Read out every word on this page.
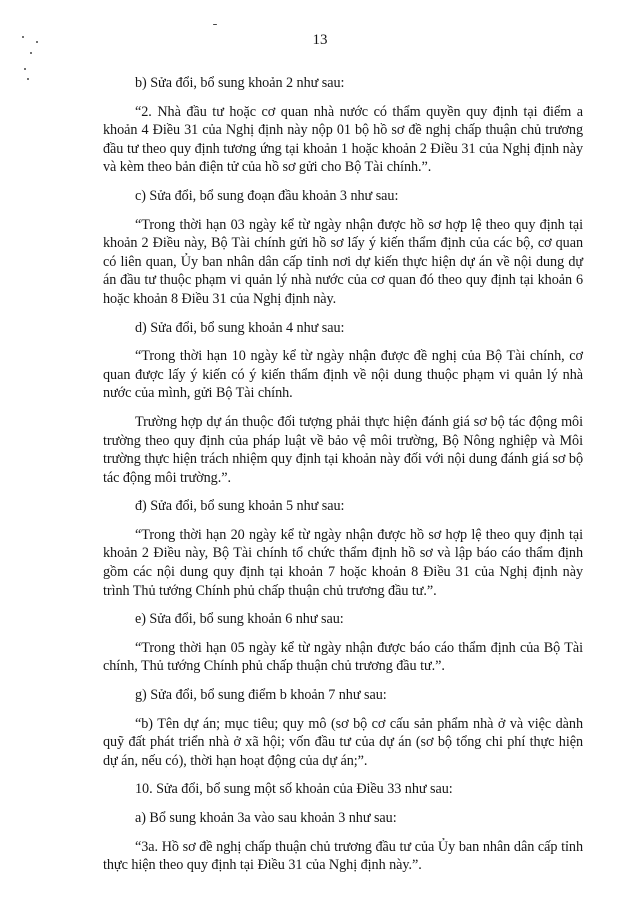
13

b) Sửa đổi, bổ sung khoản 2 như sau:

“2. Nhà đầu tư hoặc cơ quan nhà nước có thẩm quyền quy định tại điểm a khoản 4 Điều 31 của Nghị định này nộp 01 bộ hồ sơ đề nghị chấp thuận chủ trương đầu tư theo quy định tương ứng tại khoản 1 hoặc khoản 2 Điều 31 của Nghị định này và kèm theo bản điện tử của hồ sơ gửi cho Bộ Tài chính.”.

c) Sửa đổi, bổ sung đoạn đầu khoản 3 như sau:

“Trong thời hạn 03 ngày kể từ ngày nhận được hồ sơ hợp lệ theo quy định tại khoản 2 Điều này, Bộ Tài chính gửi hồ sơ lấy ý kiến thẩm định của các bộ, cơ quan có liên quan, Ủy ban nhân dân cấp tỉnh nơi dự kiến thực hiện dự án về nội dung dự án đầu tư thuộc phạm vi quản lý nhà nước của cơ quan đó theo quy định tại khoản 6 hoặc khoản 8 Điều 31 của Nghị định này.

d) Sửa đổi, bổ sung khoản 4 như sau:

“Trong thời hạn 10 ngày kể từ ngày nhận được đề nghị của Bộ Tài chính, cơ quan được lấy ý kiến có ý kiến thẩm định về nội dung thuộc phạm vi quản lý nhà nước của mình, gửi Bộ Tài chính.

Trường hợp dự án thuộc đối tượng phải thực hiện đánh giá sơ bộ tác động môi trường theo quy định của pháp luật về bảo vệ môi trường, Bộ Nông nghiệp và Môi trường thực hiện trách nhiệm quy định tại khoản này đối với nội dung đánh giá sơ bộ tác động môi trường.”.

đ) Sửa đổi, bổ sung khoản 5 như sau:

“Trong thời hạn 20 ngày kể từ ngày nhận được hồ sơ hợp lệ theo quy định tại khoản 2 Điều này, Bộ Tài chính tổ chức thẩm định hồ sơ và lập báo cáo thẩm định gồm các nội dung quy định tại khoản 7 hoặc khoản 8 Điều 31 của Nghị định này trình Thủ tướng Chính phủ chấp thuận chủ trương đầu tư.”.

e) Sửa đổi, bổ sung khoản 6 như sau:

“Trong thời hạn 05 ngày kể từ ngày nhận được báo cáo thẩm định của Bộ Tài chính, Thủ tướng Chính phủ chấp thuận chủ trương đầu tư.”.

g) Sửa đổi, bổ sung điểm b khoản 7 như sau:

“b) Tên dự án; mục tiêu; quy mô (sơ bộ cơ cấu sản phẩm nhà ở và việc dành quỹ đất phát triển nhà ở xã hội; vốn đầu tư của dự án (sơ bộ tổng chi phí thực hiện dự án, nếu có), thời hạn hoạt động của dự án;”.

10. Sửa đổi, bổ sung một số khoản của Điều 33 như sau:

a) Bổ sung khoản 3a vào sau khoản 3 như sau:

“3a. Hồ sơ đề nghị chấp thuận chủ trương đầu tư của Ủy ban nhân dân cấp tỉnh thực hiện theo quy định tại Điều 31 của Nghị định này.”.
